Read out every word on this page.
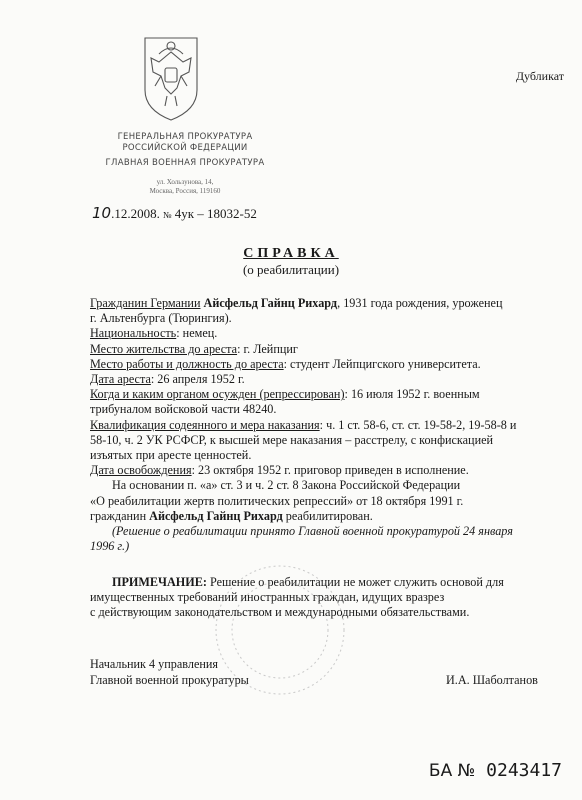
Дубликат
ГЕНЕРАЛЬНАЯ ПРОКУРАТУРА
РОССИЙСКОЙ ФЕДЕРАЦИИ
ГЛАВНАЯ ВОЕННАЯ ПРОКУРАТУРА
ул. Хользунова, 14,
Москва, Россия, 119160
10.12.2008. № 4ук – 18032-52
СПРАВКА
(о реабилитации)
Гражданин Германии Айсфельд Гайнц Рихард, 1931 года рождения, уроженец
г. Альтенбурга (Тюрингия).
Национальность: немец.
Место жительства до ареста: г. Лейпциг
Место работы и должность до ареста: студент Лейпцигского университета.
Дата ареста: 26 апреля 1952 г.
Когда и каким органом осужден (репрессирован): 16 июля 1952 г. военным
трибуналом войсковой части 48240.
Квалификация содеянного и мера наказания: ч. 1 ст. 58-6, ст. ст. 19-58-2, 19-58-8 и
58-10, ч. 2 УК РСФСР, к высшей мере наказания – расстрелу, с конфискацией
изъятых при аресте ценностей.
Дата освобождения: 23 октября 1952 г. приговор приведен в исполнение.
На основании п. «а» ст. 3 и ч. 2 ст. 8 Закона Российской Федерации
«О реабилитации жертв политических репрессий» от 18 октября 1991 г.
гражданин Айсфельд Гайнц Рихард реабилитирован.
(Решение о реабилитации принято Главной военной прокуратурой 24 января
1996 г.)
ПРИМЕЧАНИЕ: Решение о реабилитации не может служить основой для
имущественных требований иностранных граждан, идущих вразрез
с действующим законодательством и международными обязательствами.
Начальник 4 управления
Главной военной прокуратуры	И.А. Шаболтанов
БА № 0243417
